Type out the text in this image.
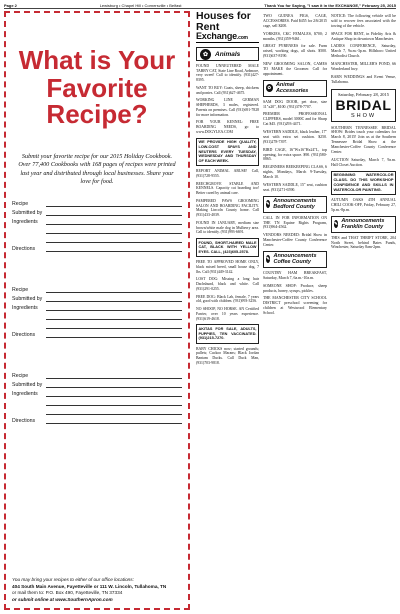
Page 2	Lewisburg • Chapel Hill • Cornersville • Belfast	Thank You for Saying, "I saw it in the EXCHANGE," February 25, 2015
What is Your
Favorite Recipe?
Submit your favorite recipe for our 2015 Holiday Cookbook. Over 77,400 Cookbooks with 168 pages of recipes were printed last year and distributed through local businesses. Share your love for food.
Recipe
Submitted by
Ingredients
Directions
Recipe
Submitted by
Ingredients
Directions
Recipe
Submitted by
Ingredients
Directions
You may bring your recipes to either of our office locations:
404 South Main Avenue, Fayetteville or 111 W. Lincoln, Tullahoma, TN
or mail them to: P.O. Box 490, Fayetteville, TN 37334
or submit online at www.SouthernApron.com
Houses for Rent
Exchange.com
✿	Animals
FOUND UNNEUTERED MALE TABBY CAT, State Line Road, Ardmore, very sweet! Call to identify. (931)427-8395.
WANT TO BUY: Goats, sheep, chickens and ponies. Call (931)627-4675.
WORKING LINE GERMAN SHEPHERDS, 3 males, registered. Parents on premises. Call (931)691-7828 for more information.
FOR YOUR KENNEL: FREE BOARDING NEEDS, go to www.DOGYLEA.COM
WE PROVIDE HIGH QUALITY, LOW-COST SPAYS AND NEUTERS EVERY TUESDAY, WEDNESDAY AND THURSDAY OF EACH WEEK.
REPORT ANIMAL ABUSE! Call, (931)728-9555.
BEECHGROVE STABLE AND KENNELS. Capacity cat boarding too! Better cared by animal care.
PAMPERED PAWS GROOMING SALON AND BOARDING FACILITY. Making Lincoln County home. Call (931)433-4039.
FOUND IN JANUARY, medium size brown/white male dog in Mulberry area. Call to identify. (931)993-6691.
FOUND, SHORT-HAIRED MALE CAT, BLACK WITH YELLOW EYES. CALL, (423)605-2578.
FREE TO APPROVED HOME ONLY, black mixed breed, small house dog, 7 lbs. Call (931)449-3142.
LOST DOG: Missing a long hair Dachshund, black and white. Call (931)291-0255.
FREE DOG: Black Lab, female, 7 years old, good with children. (931)993-3256.
NO SHOOP, NO HORSE. AN Certified Farrier, over 10 years experience. (931)619-4618.
AKITAS FOR SALE, ADULTS, PUPPIES, TEN VACCINATED. (931)215-7270.
BABY CHICKS now; started grounds; pullets; Cuckoo Marans; Black Jordan Bantam Ducks. Call Duck Man, (931)703-9818.
TWO GUINEA PIGS, CAGE, ACCESSORIES. Paid $455 for 2/6/2015 cage, sell $200.
YORKIES, CKC FEMALES, $700; 2 months. (931)359-9461.
GREAT PYRENEES for sale. Farm raised, working dogs, all shots. $500. (931)637-8190.
NEW GROOMING SALON, CAMES TO MAKE the Groomer. Call for appointment.
✿ Animal Accessories
SAM DOG DOOR, pet door, size 11"x20", $100. (931)378-7707.
PREMIER PROFESSIONAL CLIPPERS, model 3000C and for Sharp Cat $45. (931)293-4471.
WESTERN SADDLE, black leather, 17" seat with extra set cushion. $250. (931)278-7397.
BIRD CAGE, 16"Wx16"Hx24"L, top opening, for extra space. $90. (931)580-0865.
BEGINNERS BEEKEEPING CLASS, 6 nights, Mondays, March 9-Tuesday, March 10.
WESTERN SADDLE, 15" seat, cushion seat. (931)271-6590.
✎ Announcements Bedford County
CALL IN FOR INFORMATION ON THE TN Equine Rights Program, (931)964-4562.
VENDORS NEEDED: Bridal Show in Manchester-Coffee County Conference Center.
✎ Announcements Coffee County
COUNTRY HAM BREAKFAST, Saturday, March 7, 6a.m.-10a.m.
SOMEONE SHOP: Produce, sheep products, honey, syrups, pickles.
THE MANCHESTER CITY SCHOOL DISTRICT preschool screening for children at Westwood Elementary School.
NOTICE: The following vehicle will be sold to recover fees associated with the towing of the vehicle.
SPACE FOR RENT, in Fidelity Arts & Antique Shop in downtown Manchester.
LADIES CONFERENCE, Saturday, March 7, 9a.m.-3p.m. Hillsboro United Methodist Church.
MANCHESTER, MILLER'S POND, 66 Wonderland hwy.
BARN WEDDINGS and Event Venue, Tullahoma.
Saturday, February 28, 2015
BRIDAL
SHOW
SOUTHERN TENNESSEE BRIDAL SHOW: Brides touch your calendars for March 8, 2015! Join us at the Southern Tennessee Bridal Show at the Manchester-Coffee County Conference Center.
AUCTION Saturday, March 7, 9a.m. Hall Closet Auction.
BEGINNING WATERCOLOR CLASS. DO THIS WORKSHOP CONFIDENCE AND SKILLS IN WATERCOLOR PAINTING.
AUTUMN OAKS 4TH ANNUAL CHILI COOK-OFF, Friday, February 27, 5p.m.-8p.m.
✎ Announcements Franklin County
THIS and THAT THRIFT STORE, 204 North Street, behind Bates Funds, Winchester, Saturday 8am-2pm.
